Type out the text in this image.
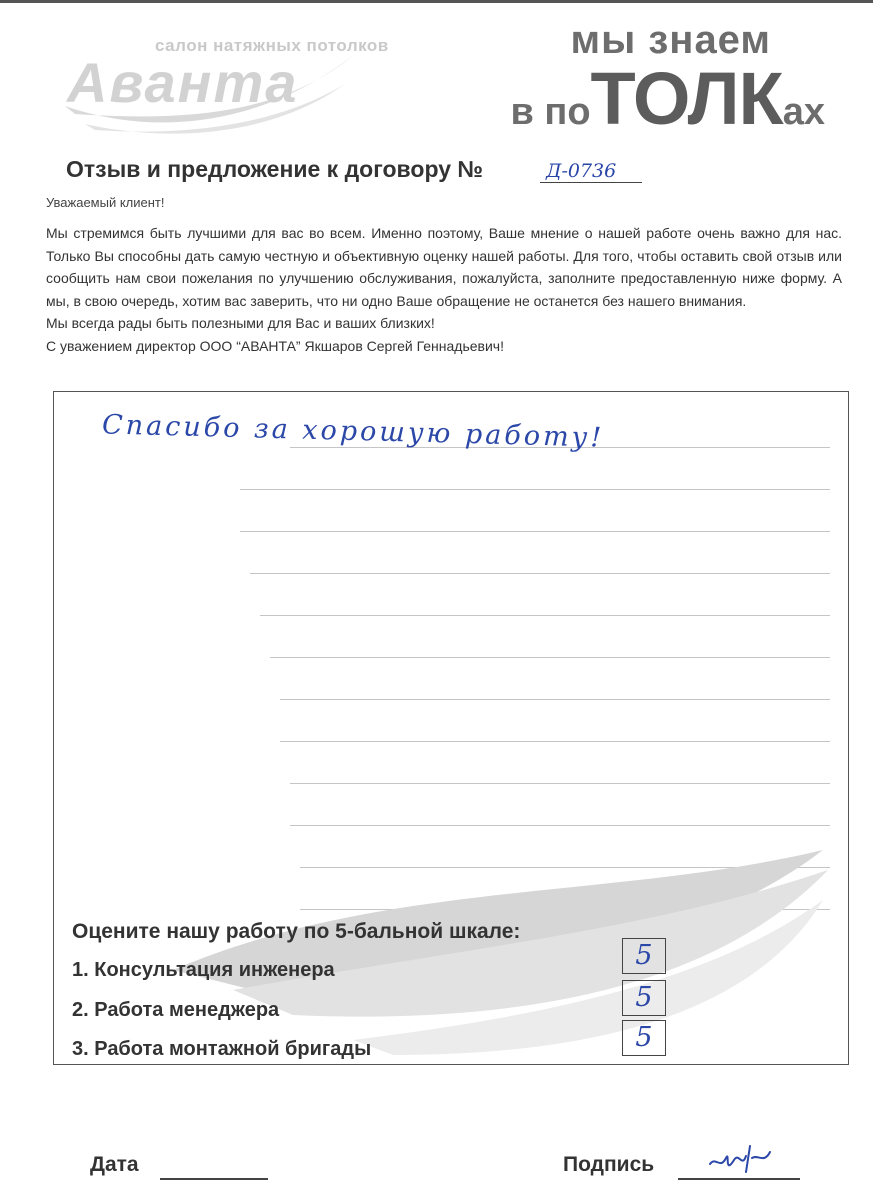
салон натяжных потолков
Аванта
мы знаем
в поТОЛКах
Отзыв и предложение к договору №	Д-0736
Уважаемый клиент!

Мы стремимся быть лучшими для вас во всем. Именно поэтому, Ваше мнение о нашей работе очень важно для нас. Только Вы способны дать самую честную и объективную оценку нашей работы. Для того, чтобы оставить свой отзыв или сообщить нам свои пожелания по улучшению обслуживания, пожалуйста, заполните предоставленную ниже форму. А мы, в свою очередь, хотим вас заверить, что ни одно Ваше обращение не останется без нашего внимания.

Мы всегда рады быть полезными для Вас и ваших близких!

С уважением директор ООО “АВАНТА” Якшаров Сергей Геннадьевич!

Спасибо за хорошую работу!
Оцените нашу работу по 5-бальной шкале:
1. Консультация инженера	5
2. Работа менеджера	5
3. Работа монтажной бригады	5
Дата	Подпись
